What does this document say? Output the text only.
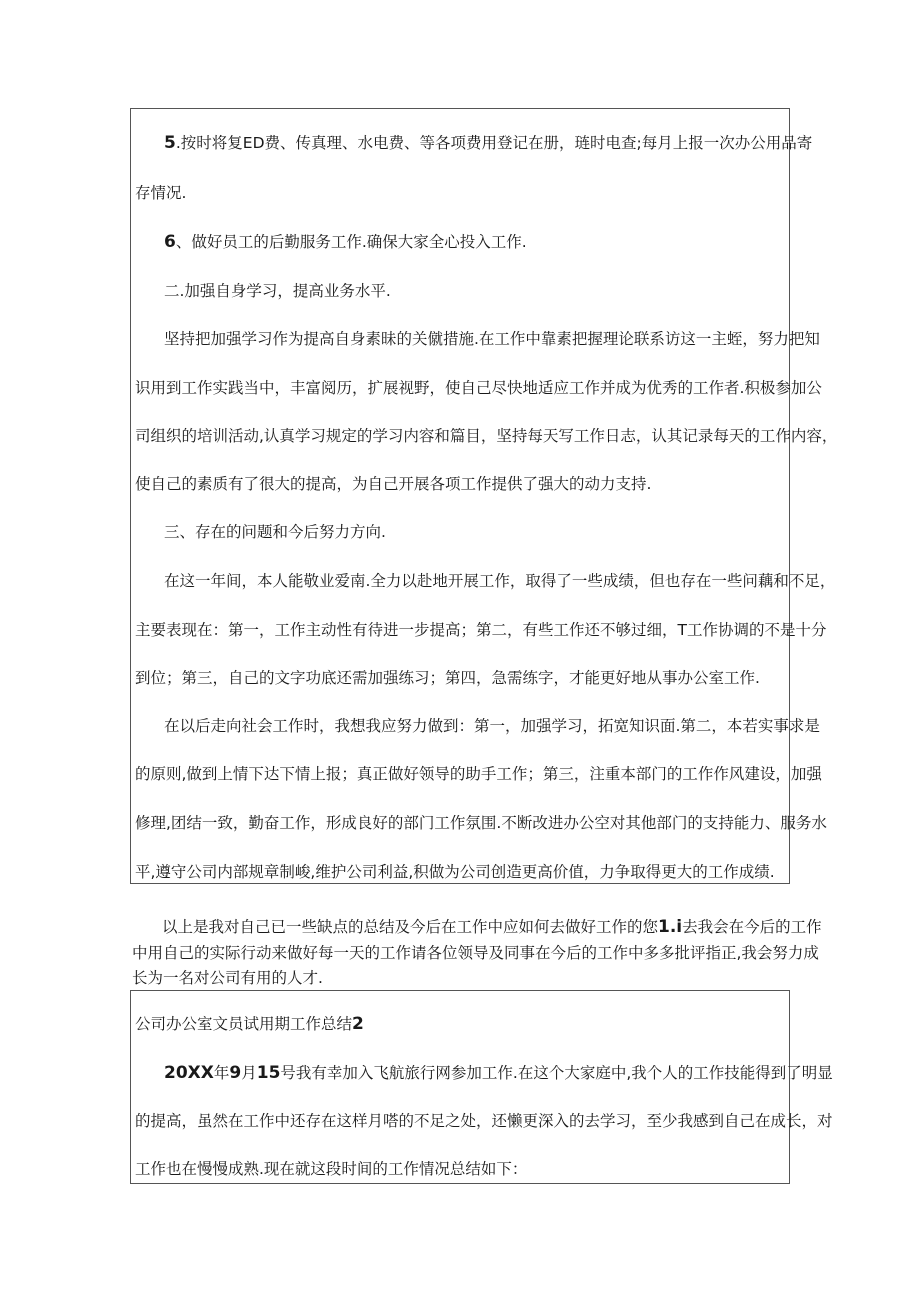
5.按时将复ED费、传真理、水电费、等各项费用登记在册，琏时电查;每月上报一次办公用品寄
存情况.
6、做好员工的后勤服务工作.确保大家全心投入工作.
二.加强自身学习，提高业务水平.
坚持把加强学习作为提高自身素昧的关僦措施.在工作中靠素把握理论联系访这一主蛭，努力把知
识用到工作实践当中，丰富阅历，扩展视野，使自己尽快地适应工作并成为优秀的工作者.积极参加公
司组织的培训活动,认真学习规定的学习内容和篇目，坚持每天写工作日志，认其记录每天的工作内容，
使自己的素质有了很大的提高，为自己开展各项工作提供了强大的动力支持.
三、存在的问题和今后努力方向.
在这一年间，本人能敬业爱南.全力以赴地开展工作，取得了一些成绩，但也存在一些问藕和不足，
主要表现在：第一，工作主动性有待进一步提高；第二，有些工作还不够过细，T工作协调的不是十分
到位；第三，自己的文字功底还需加强练习；第四，急需练字，才能更好地从事办公室工作.
在以后走向社会工作时，我想我应努力做到：第一，加强学习，拓宽知识面.第二，本若实事求是
的原则,做到上情下达下情上报；真正做好领导的助手工作；第三，注重本部门的工作作风建设，加强
修理,团结一致，勤奋工作，形成良好的部门工作氛围.不断改进办公空对其他部门的支持能力、服务水
平,遵守公司内部规章制峻,维护公司利益,积做为公司创造更高价值，力争取得更大的工作成绩.
以上是我对自己已一些缺点的总结及今后在工作中应如何去做好工作的您1.i去我会在今后的工作
中用自己的实际行动来做好每一天的工作请各位领导及同事在今后的工作中多多批评指正,我会努力成
长为一名对公司有用的人才.
公司办公室文员试用期工作总结2
20XX年9月15号我有幸加入飞航旅行网参加工作.在这个大家庭中,我个人的工作技能得到了明显
的提高，虽然在工作中还存在这样月嗒的不足之处，还懒更深入的去学习，至少我感到自己在成长，对
工作也在慢慢成熟.现在就这段时间的工作情况总结如下：
